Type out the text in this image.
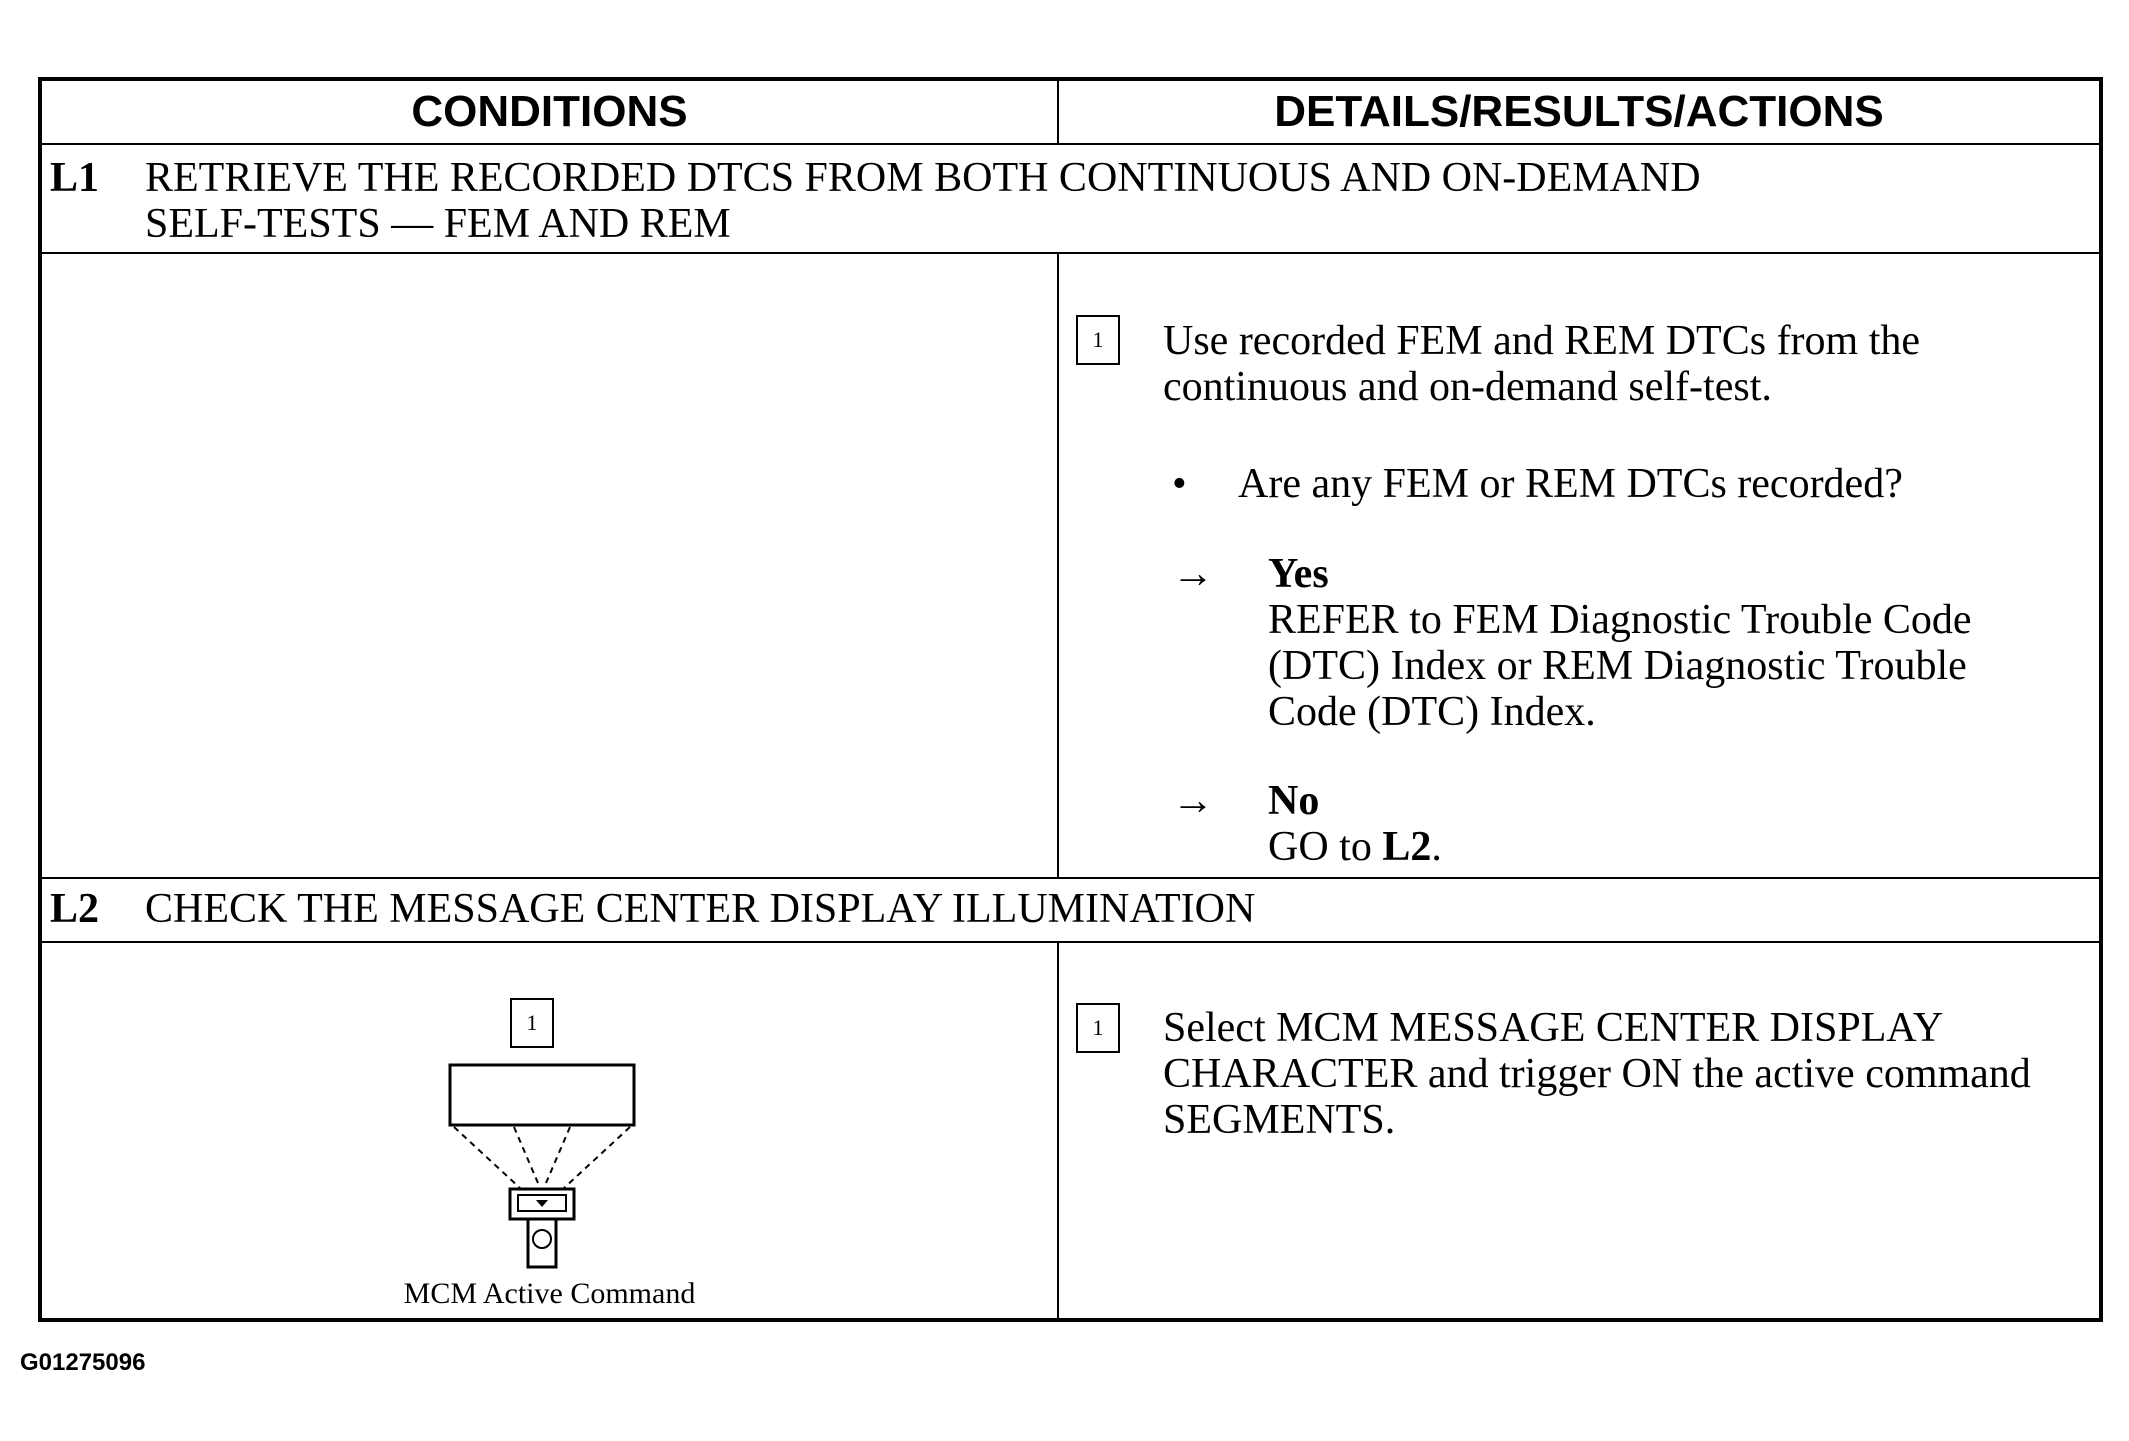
CONDITIONS	DETAILS/RESULTS/ACTIONS
L1 RETRIEVE THE RECORDED DTCS FROM BOTH CONTINUOUS AND ON-DEMAND
SELF-TESTS — FEM AND REM
1	Use recorded FEM and REM DTCs from the
continuous and on-demand self-test.
• Are any FEM or REM DTCs recorded?
→ Yes
REFER to FEM Diagnostic Trouble Code
(DTC) Index or REM Diagnostic Trouble
Code (DTC) Index.
→ No
GO to L2.
L2 CHECK THE MESSAGE CENTER DISPLAY ILLUMINATION
1
MCM Active Command
1	Select MCM MESSAGE CENTER DISPLAY
CHARACTER and trigger ON the active command
SEGMENTS.
G01275096
